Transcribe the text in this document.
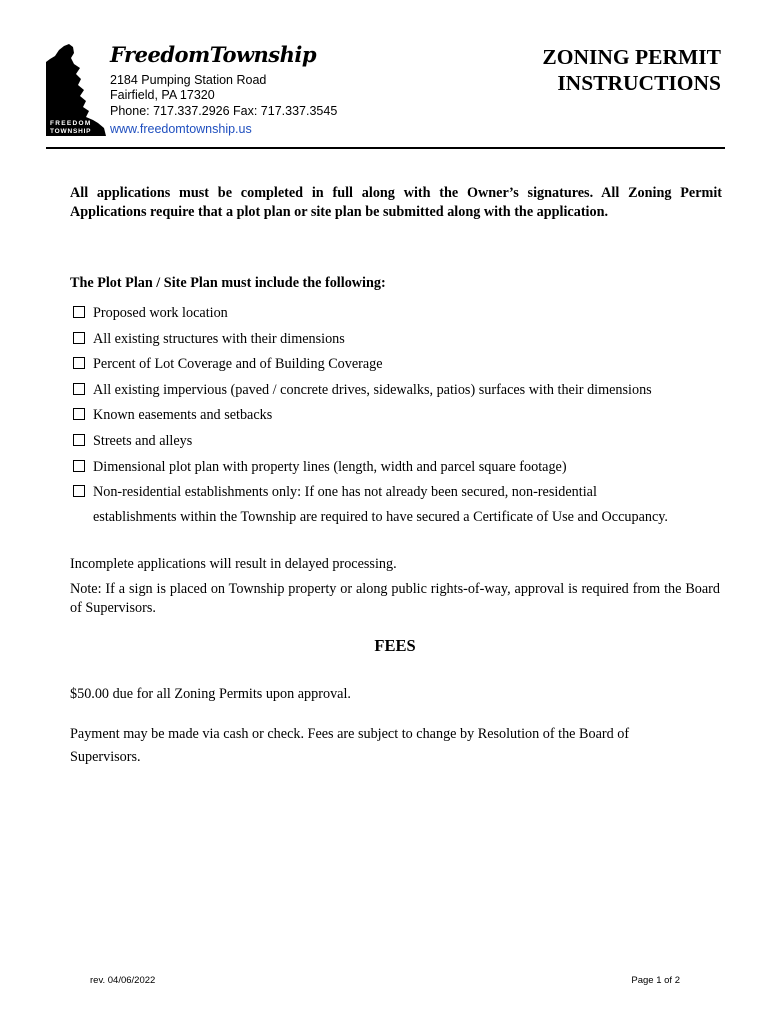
FREEDOM
TOWNSHIP
FreedomTownship
2184 Pumping Station Road
Fairfield, PA 17320
Phone: 717.337.2926 Fax: 717.337.3545
www.freedomtownship.us
ZONING PERMIT
INSTRUCTIONS
All applications must be completed in full along with the Owner’s signatures. All Zoning Permit Applications require that a plot plan or site plan be submitted along with the application.
The Plot Plan / Site Plan must include the following:
Proposed work location
All existing structures with their dimensions
Percent of Lot Coverage and of Building Coverage
All existing impervious (paved / concrete drives, sidewalks, patios) surfaces with their dimensions
Known easements and setbacks
Streets and alleys
Dimensional plot plan with property lines (length, width and parcel square footage)
Non-residential establishments only: If one has not already been secured, non-residential
establishments within the Township are required to have secured a Certificate of Use and Occupancy.
Incomplete applications will result in delayed processing.
Note: If a sign is placed on Township property or along public rights-of-way, approval is required from the Board of Supervisors.
FEES
$50.00 due for all Zoning Permits upon approval.
Payment may be made via cash or check. Fees are subject to change by Resolution of the Board of Supervisors.
rev. 04/06/2022	Page 1 of 2
